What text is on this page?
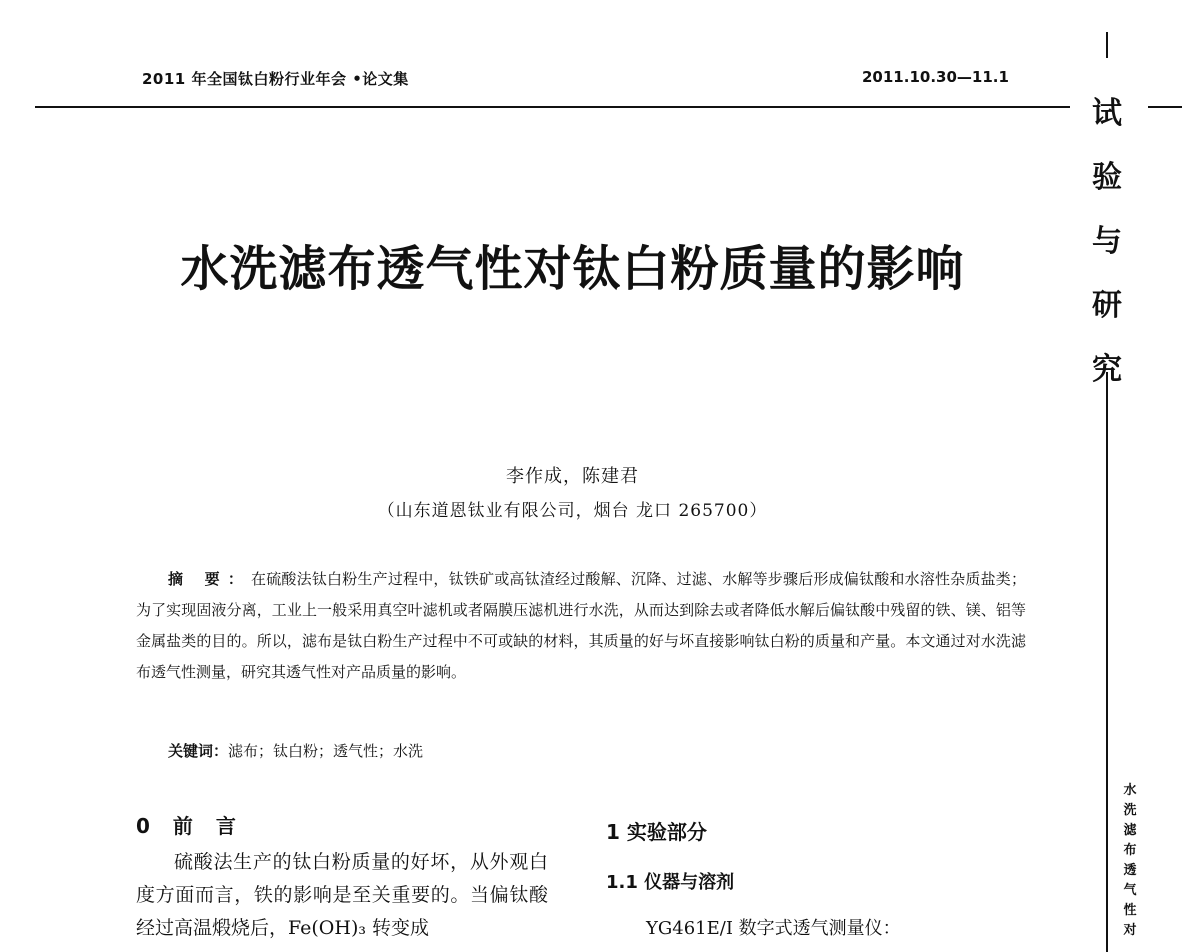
2011 年全国钛白粉行业年会 •论文集	2011.10.30—11.1
试
验
与
研
究
水
洗
滤
布
透
气
性
对
水洗滤布透气性对钛白粉质量的影响
李作成，陈建君
（山东道恩钛业有限公司，烟台 龙口 265700）
摘 要：在硫酸法钛白粉生产过程中，钛铁矿或高钛渣经过酸解、沉降、过滤、水解等步骤后形成偏钛酸和水溶性杂质盐类；为了实现固液分离，工业上一般采用真空叶滤机或者隔膜压滤机进行水洗，从而达到除去或者降低水解后偏钛酸中残留的铁、镁、铝等金属盐类的目的。所以，滤布是钛白粉生产过程中不可或缺的材料，其质量的好与坏直接影响钛白粉的质量和产量。本文通过对水洗滤布透气性测量，研究其透气性对产品质量的影响。
关键词：滤布；钛白粉；透气性；水洗
0 前 言
硫酸法生产的钛白粉质量的好坏，从外观白度方面而言，铁的影响是至关重要的。当偏钛酸经过高温煅烧后，Fe(OH)₃ 转变成
1 实验部分
1.1 仪器与溶剂
YG461E/Ⅰ 数字式透气测量仪：
